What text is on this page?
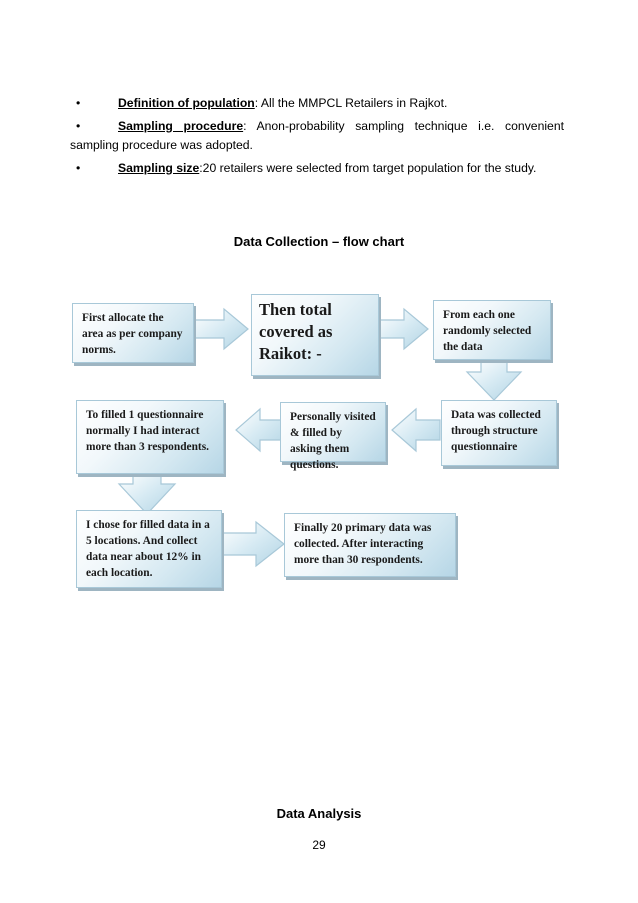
•	Definition of population: All the MMPCL Retailers in Rajkot.
•	Sampling procedure: Anon-probability sampling technique i.e. convenient
sampling procedure was adopted.
•	Sampling size:20 retailers were selected from target population for the study.
Data Collection – flow chart
First allocate the area as per company norms.
Then total covered as Raikot: -
From each one randomly selected the data
Data was collected through structure questionnaire
Personally visited & filled by asking them questions.
To filled 1 questionnaire normally I had interact more than 3 respondents.
I chose for filled data in a 5 locations. And collect data near about 12% in each location.
Finally 20 primary data was collected. After interacting more than 30 respondents.
Data Analysis
29
